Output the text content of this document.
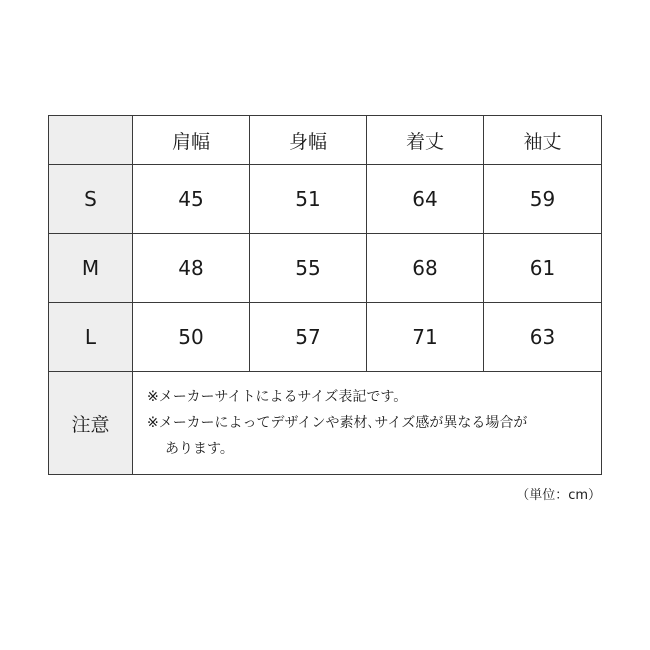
	肩幅	身幅	着丈	袖丈
S	45	51	64	59
M	48	55	68	61
L	50	57	71	63
注意	※メーカーサイトによるサイズ表記です。
※メーカーによってデザインや素材､サイズ感が異なる場合が
あります。			
（単位：cm）
